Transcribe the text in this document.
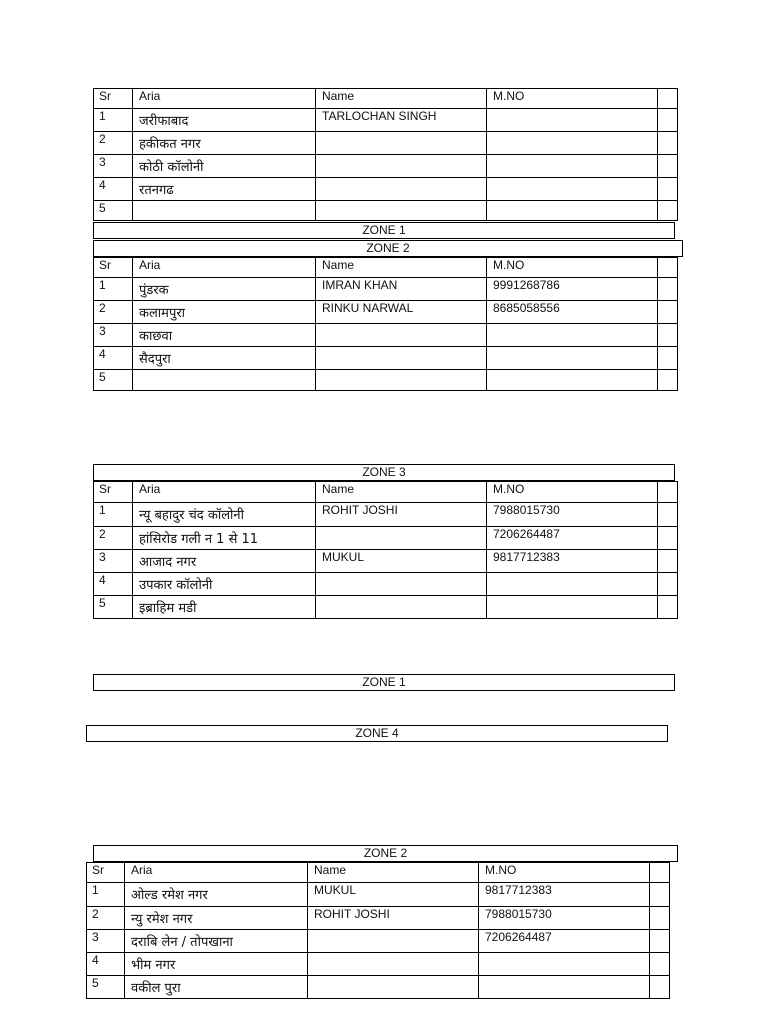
Sr	Aria	Name	M.NO	
1	जरीफाबाद	TARLOCHAN SINGH		
2	हकीकत नगर			
3	कोठी कॉलोनी			
4	रतनगढ			
5				
ZONE 1
ZONE 2
Sr	Aria	Name	M.NO	
1	पुंडरक	IMRAN KHAN	9991268786	
2	कलामपुरा	RINKU NARWAL	8685058556	
3	काछवा			
4	सैदपुरा			
5				
ZONE 3
Sr	Aria	Name	M.NO	
1	न्यू बहादुर चंद कॉलोनी	ROHIT JOSHI	7988015730	
2	हांसिरोड गली न 1 से 11		7206264487	
3	आजाद नगर	MUKUL	9817712383	
4	उपकार कॉलोनी			
5	इब्राहिम मडी			
ZONE 1
ZONE 4
ZONE 2
Sr	Aria	Name	M.NO	
1	ओल्ड रमेश नगर	MUKUL	9817712383	
2	न्यु रमेश नगर	ROHIT JOSHI	7988015730	
3	दराबि लेन / तोपखाना		7206264487	
4	भीम नगर			
5	वकील पुरा			
